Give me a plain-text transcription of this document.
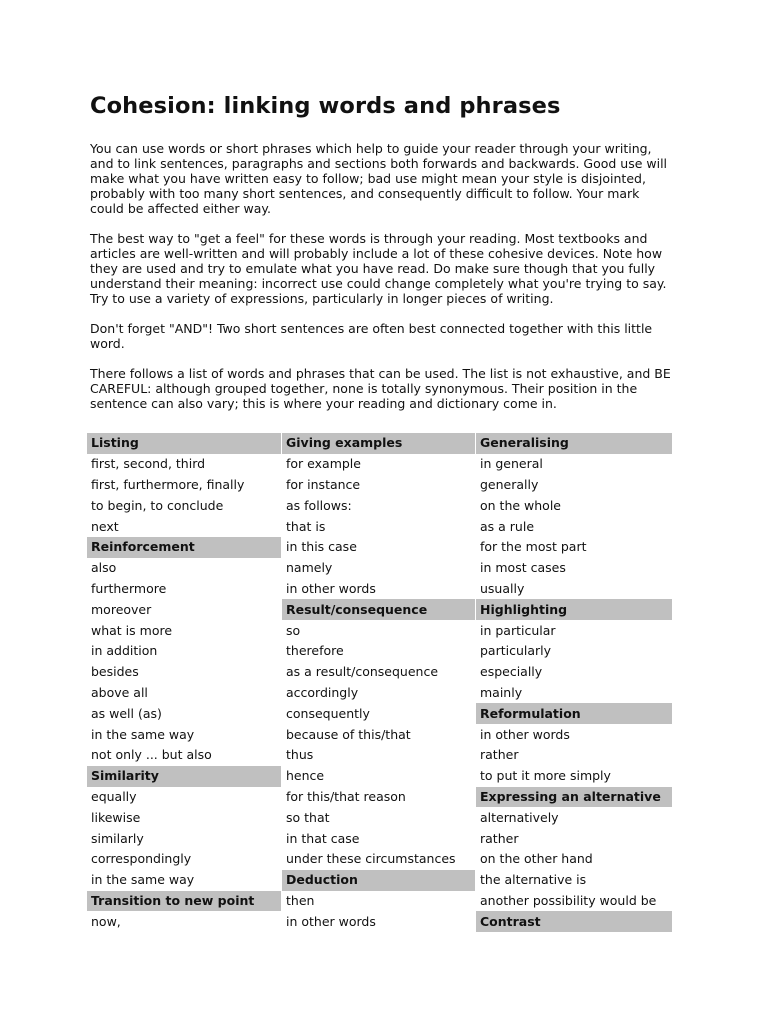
Cohesion: linking words and phrases

You can use words or short phrases which help to guide your reader through your writing,
and to link sentences, paragraphs and sections both forwards and backwards. Good use will
make what you have written easy to follow; bad use might mean your style is disjointed,
probably with too many short sentences, and consequently difficult to follow. Your mark
could be affected either way.

The best way to "get a feel" for these words is through your reading. Most textbooks and
articles are well-written and will probably include a lot of these cohesive devices. Note how
they are used and try to emulate what you have read. Do make sure though that you fully
understand their meaning: incorrect use could change completely what you're trying to say.
Try to use a variety of expressions, particularly in longer pieces of writing.

Don't forget "AND"! Two short sentences are often best connected together with this little
word.

There follows a list of words and phrases that can be used. The list is not exhaustive, and BE
CAREFUL: although grouped together, none is totally synonymous. Their position in the
sentence can also vary; this is where your reading and dictionary come in.

Listing	Giving examples	Generalising
first, second, third	for example	in general
first, furthermore, finally	for instance	generally
to begin, to conclude	as follows:	on the whole
next	that is	as a rule
Reinforcement	in this case	for the most part
also	namely	in most cases
furthermore	in other words	usually
moreover	Result/consequence	Highlighting
what is more	so	in particular
in addition	therefore	particularly
besides	as a result/consequence	especially
above all	accordingly	mainly
as well (as)	consequently	Reformulation
in the same way	because of this/that	in other words
not only ... but also	thus	rather
Similarity	hence	to put it more simply
equally	for this/that reason	Expressing an alternative
likewise	so that	alternatively
similarly	in that case	rather
correspondingly	under these circumstances	on the other hand
in the same way	Deduction	the alternative is
Transition to new point	then	another possibility would be
now,	in other words	Contrast
